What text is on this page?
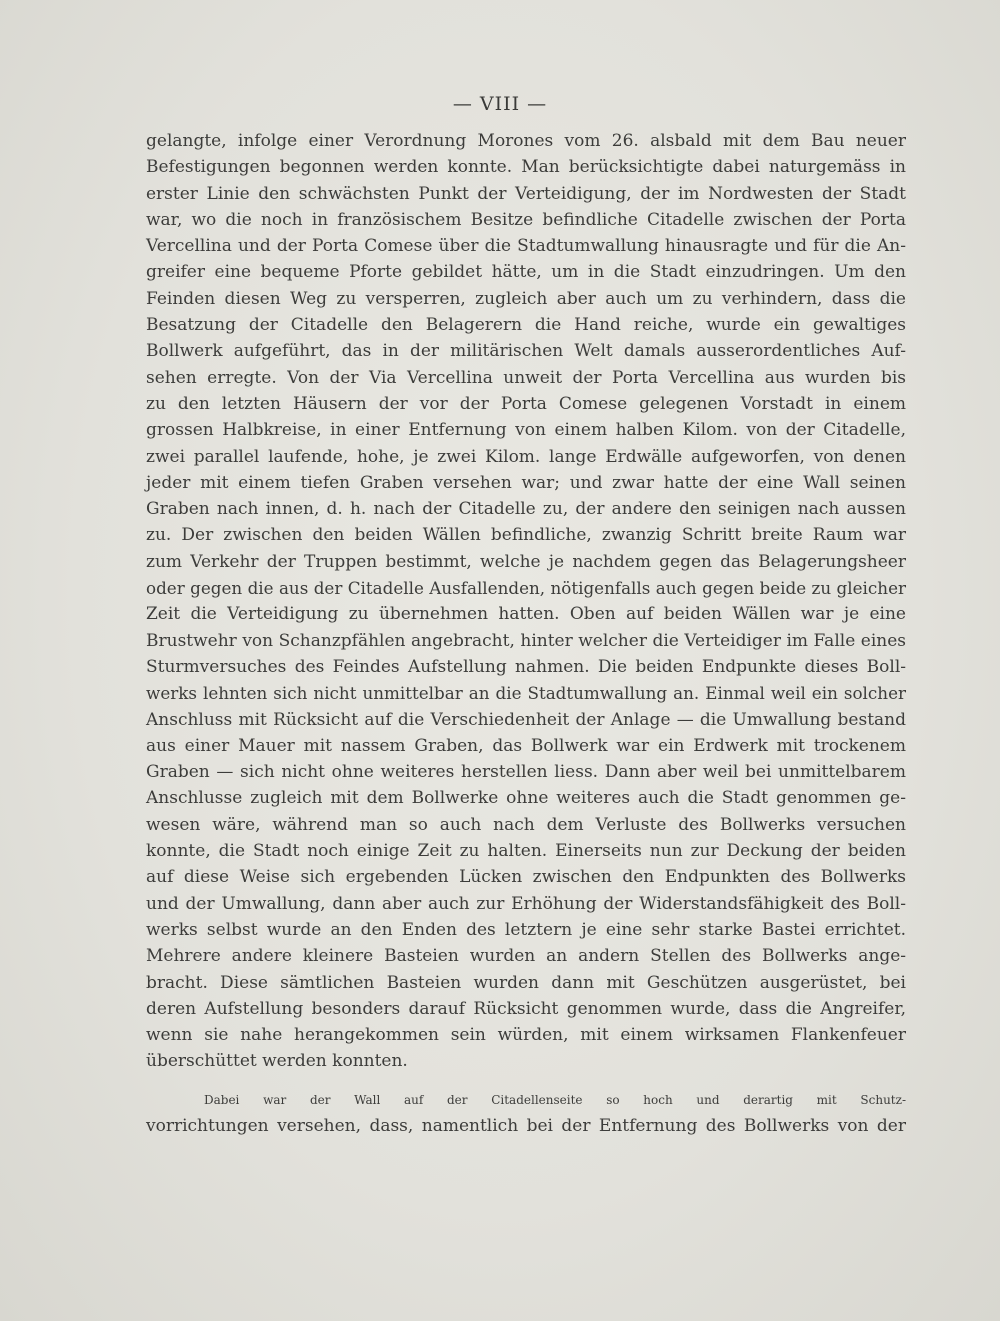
— VIII —
gelangte, infolge einer Verordnung Morones vom 26. alsbald mit dem Bau neuer
Befestigungen begonnen werden konnte. Man berücksichtigte dabei naturgemäss in
erster Linie den schwächsten Punkt der Verteidigung, der im Nordwesten der Stadt
war, wo die noch in französischem Besitze befindliche Citadelle zwischen der Porta
Vercellina und der Porta Comese über die Stadtumwallung hinausragte und für die An-
greifer eine bequeme Pforte gebildet hätte, um in die Stadt einzudringen. Um den
Feinden diesen Weg zu versperren, zugleich aber auch um zu verhindern, dass die
Besatzung der Citadelle den Belagerern die Hand reiche, wurde ein gewaltiges
Bollwerk aufgeführt, das in der militärischen Welt damals ausserordentliches Auf-
sehen erregte. Von der Via Vercellina unweit der Porta Vercellina aus wurden bis
zu den letzten Häusern der vor der Porta Comese gelegenen Vorstadt in einem
grossen Halbkreise, in einer Entfernung von einem halben Kilom. von der Citadelle,
zwei parallel laufende, hohe, je zwei Kilom. lange Erdwälle aufgeworfen, von denen
jeder mit einem tiefen Graben versehen war; und zwar hatte der eine Wall seinen
Graben nach innen, d. h. nach der Citadelle zu, der andere den seinigen nach aussen
zu. Der zwischen den beiden Wällen befindliche, zwanzig Schritt breite Raum war
zum Verkehr der Truppen bestimmt, welche je nachdem gegen das Belagerungsheer
oder gegen die aus der Citadelle Ausfallenden, nötigenfalls auch gegen beide zu gleicher
Zeit die Verteidigung zu übernehmen hatten. Oben auf beiden Wällen war je eine
Brustwehr von Schanzpfählen angebracht, hinter welcher die Verteidiger im Falle eines
Sturmversuches des Feindes Aufstellung nahmen. Die beiden Endpunkte dieses Boll-
werks lehnten sich nicht unmittelbar an die Stadtumwallung an. Einmal weil ein solcher
Anschluss mit Rücksicht auf die Verschiedenheit der Anlage — die Umwallung bestand
aus einer Mauer mit nassem Graben, das Bollwerk war ein Erdwerk mit trockenem
Graben — sich nicht ohne weiteres herstellen liess. Dann aber weil bei unmittelbarem
Anschlusse zugleich mit dem Bollwerke ohne weiteres auch die Stadt genommen ge-
wesen wäre, während man so auch nach dem Verluste des Bollwerks versuchen
konnte, die Stadt noch einige Zeit zu halten. Einerseits nun zur Deckung der beiden
auf diese Weise sich ergebenden Lücken zwischen den Endpunkten des Bollwerks
und der Umwallung, dann aber auch zur Erhöhung der Widerstandsfähigkeit des Boll-
werks selbst wurde an den Enden des letztern je eine sehr starke Bastei errichtet.
Mehrere andere kleinere Basteien wurden an andern Stellen des Bollwerks ange-
bracht. Diese sämtlichen Basteien wurden dann mit Geschützen ausgerüstet, bei
deren Aufstellung besonders darauf Rücksicht genommen wurde, dass die Angreifer,
wenn sie nahe herangekommen sein würden, mit einem wirksamen Flankenfeuer
überschüttet werden konnten.
Dabei war der Wall auf der Citadellenseite so hoch und derartig mit Schutz-
vorrichtungen versehen, dass, namentlich bei der Entfernung des Bollwerks von der
